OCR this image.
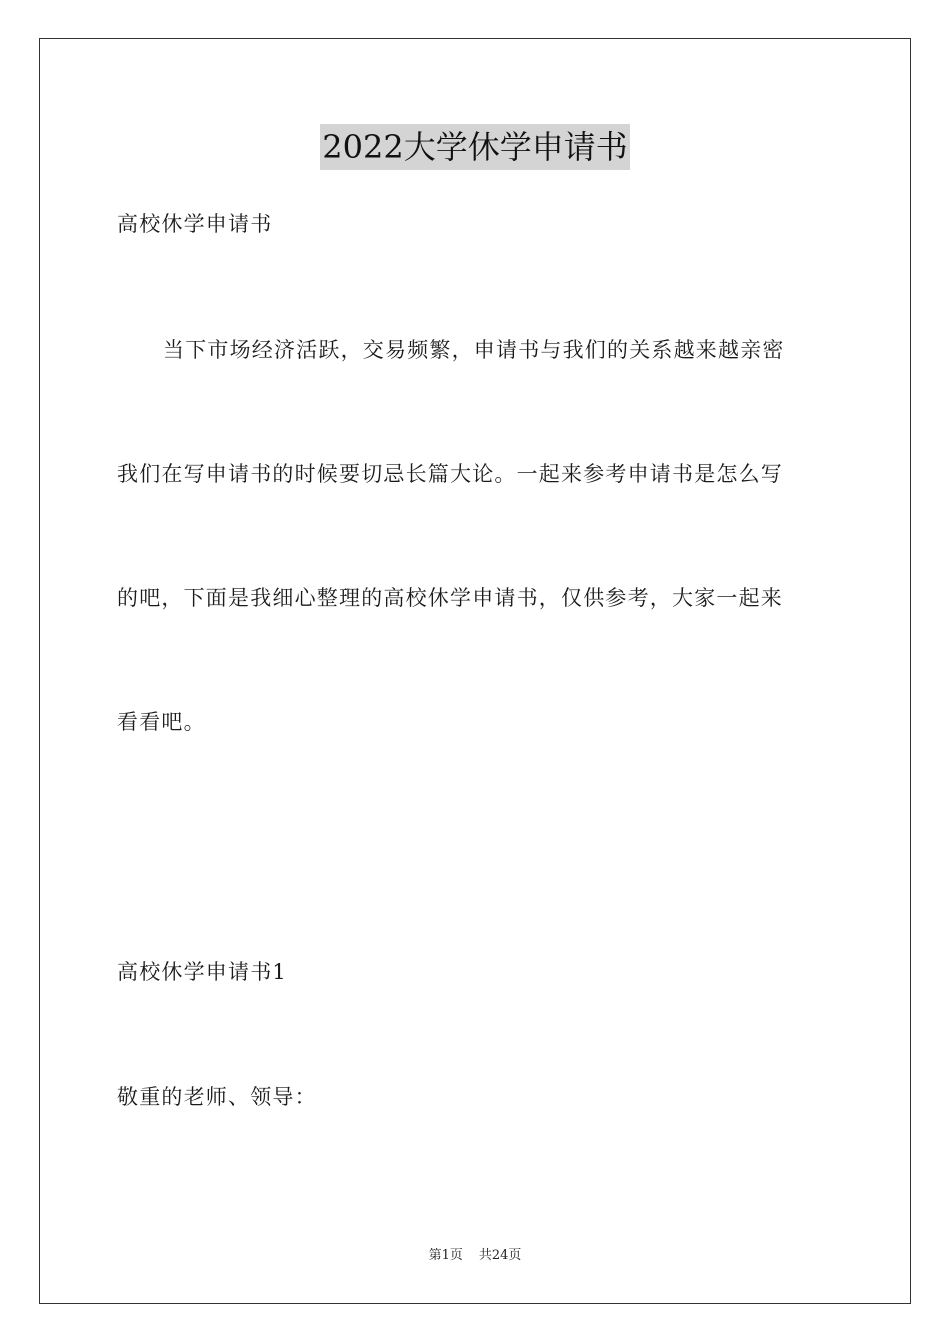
2022大学休学申请书
高校休学申请书
当下市场经济活跃，交易频繁，申请书与我们的关系越来越亲密
我们在写申请书的时候要切忌长篇大论。一起来参考申请书是怎么写
的吧，下面是我细心整理的高校休学申请书，仅供参考，大家一起来
看看吧。
高校休学申请书1
敬重的老师、领导：
第1页 共24页
